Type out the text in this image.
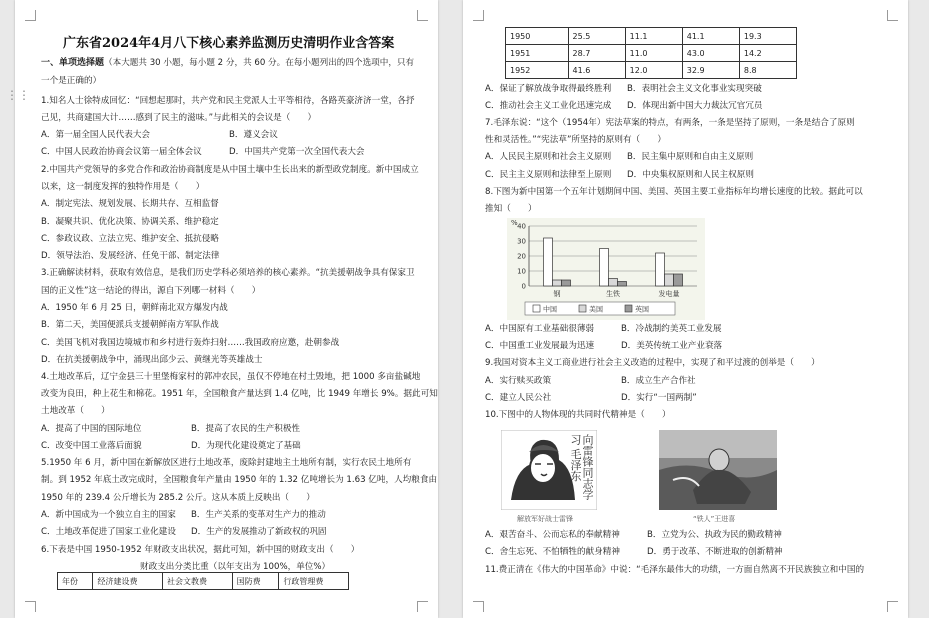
广东省2024年4月八下核心素养监测历史清明作业含答案
一、单项选择题（本大题共 30 小题，每小题 2 分，共 60 分。在每小题列出的四个选项中，只有
一个是正确的）
1.知名人士徐特成回忆：“回想起那时，共产党和民主党派人士平等相待，各路英豪济济一堂，各抒
己见，共商建国大计……感到了民主的滋味。”与此相关的会议是（　　）
A．第一届全国人民代表大会	B．遵义会议
C．中国人民政治协商会议第一届全体会议	D．中国共产党第一次全国代表大会
2.中国共产党领导的多党合作和政治协商制度是从中国土壤中生长出来的新型政党制度。新中国成立
以来，这一制度发挥的独特作用是（　　）
A．制定宪法、规划发展、长期共存、互相监督
B．凝聚共识、优化决策、协调关系、维护稳定
C．参政议政、立法立宪、维护安全、抵抗侵略
D．领导法治、发展经济、任免干部、制定法律
3.正确解读材料，获取有效信息，是我们历史学科必须培养的核心素养。“抗美援朝战争具有保家卫
国的正义性”这一结论的得出，源自下列哪一材料（　　）
A．1950 年 6 月 25 日，朝鲜南北双方爆发内战
B．第二天，美国便派兵支援朝鲜南方军队作战
C．美国飞机对我国边境城市和乡村进行轰炸扫射……我国政府应邀，赴朝参战
D．在抗美援朝战争中，涌现出邱少云、黄继光等英雄战士
4.土地改革后，辽宁金县三十里堡梅家村的郭冲农民，虽仅不停地在村土毁地，把 1000 多亩盐碱地
改变为良田，种上花生和棉花。1951 年，全国粮食产量达到 1.4 亿吨，比 1949 年增长 9%。据此可知
土地改革（　　）
A．提高了中国的国际地位	B．提高了农民的生产积极性
C．改变中国工业落后面貌	D．为现代化建设奠定了基础
5.1950 年 6 月，新中国在新解放区进行土地改革，废除封建地主土地所有制，实行农民土地所有
制。到 1952 年底土改完成时，全国粮食年产量由 1950 年的 1.32 亿吨增长为 1.63 亿吨，人均粮食由
1950 年的 239.4 公斤增长为 285.2 公斤。这从本质上反映出（　　）
A．新中国成为一个独立自主的国家 B．生产关系的变革对生产力的推动
C．土地改革促进了国家工业化建设 D．生产的发展推动了新政权的巩固
6.下表是中国 1950-1952 年财政支出状况，据此可知，新中国的财政支出（　　）
财政支出分类比重（以年支出为 100%，单位%）
年份	经济建设费	社会文教费	国防费	行政管理费
⋮⋮
1950	25.5	11.1	41.1	19.3
1951	28.7	11.0	43.0	14.2
1952	41.6	12.0	32.9	8.8
A．保证了解放战争取得最终胜利 B．表明社会主义文化事业实现突破
C．推动社会主义工业化迅速完成 D．体现出新中国大力裁汰冗官冗员
7.毛泽东说：“这个（1954年）宪法草案的特点，有两条，一条是坚持了原则，一条是结合了原则
性和灵活性。”“宪法草”所坚持的原则有（　　）
A．人民民主原则和社会主义原则 B．民主集中原则和自由主义原则
C．民主主义原则和法律至上原则 D．中央集权原则和人民主权原则
8.下图为新中国第一个五年计划期间中国、美国、英国主要工业指标年均增长速度的比较。据此可以
推知（　　）
A．中国原有工业基础很薄弱	B．冷战制约美英工业发展
C．中国重工业发展最为迅速	D．美英传统工业产业衰落
9.我国对资本主义工商业进行社会主义改造的过程中，实现了和平过渡的创举是（　　）
A．实行赎买政策	B．成立生产合作社
C．建立人民公社	D．实行“一国两制”
10.下图中的人物体现的共同时代精神是（　　）
A．艰苦奋斗、公而忘私的奉献精神	B．立党为公、执政为民的勤政精神
C．舍生忘死、不怕牺牲的献身精神	D．勇于改革、不断进取的创新精神
11.费正清在《伟大的中国革命》中说：“毛泽东最伟大的功绩，一方面自然离不开民族独立和中国的
%
0
10
20
30
40
钢	生铁	发电量
中国	美国	英国
向雷锋同志学习 毛泽东
解放军好战士雷锋	“铁人”王进喜
